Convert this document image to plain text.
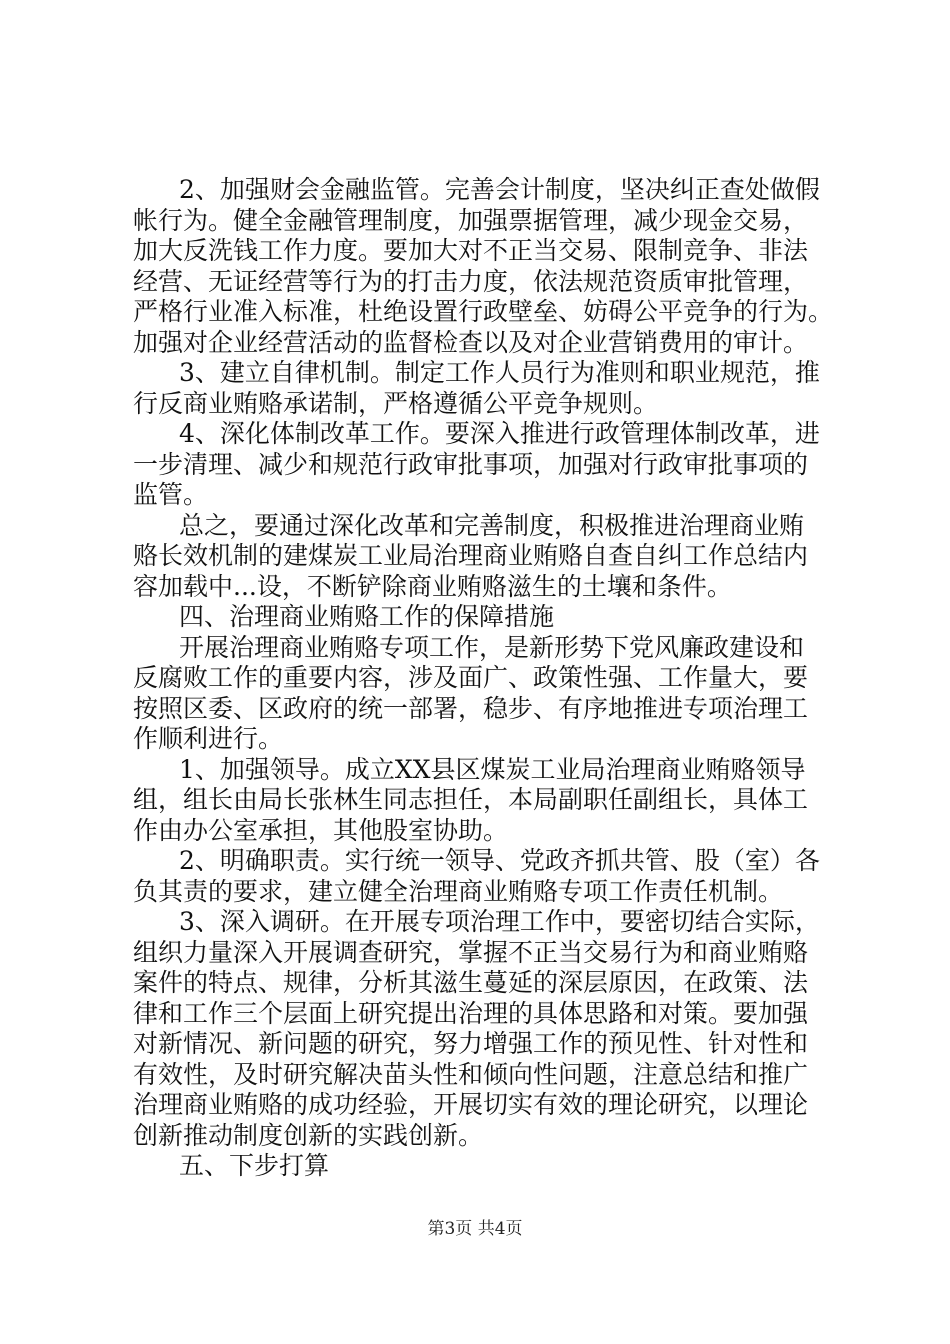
2、加强财会金融监管。完善会计制度，坚决纠正查处做假
帐行为。健全金融管理制度，加强票据管理，减少现金交易，
加大反洗钱工作力度。要加大对不正当交易、限制竞争、非法
经营、无证经营等行为的打击力度，依法规范资质审批管理，
严格行业准入标准，杜绝设置行政壁垒、妨碍公平竞争的行为。
加强对企业经营活动的监督检查以及对企业营销费用的审计。
3、建立自律机制。制定工作人员行为准则和职业规范，推
行反商业贿赂承诺制，严格遵循公平竞争规则。
4、深化体制改革工作。要深入推进行政管理体制改革，进
一步清理、减少和规范行政审批事项，加强对行政审批事项的
监管。
总之，要通过深化改革和完善制度，积极推进治理商业贿
赂长效机制的建煤炭工业局治理商业贿赂自查自纠工作总结内
容加载中...设，不断铲除商业贿赂滋生的土壤和条件。
四、治理商业贿赂工作的保障措施
开展治理商业贿赂专项工作，是新形势下党风廉政建设和
反腐败工作的重要内容，涉及面广、政策性强、工作量大，要
按照区委、区政府的统一部署，稳步、有序地推进专项治理工
作顺利进行。
1、加强领导。成立XX县区煤炭工业局治理商业贿赂领导
组，组长由局长张林生同志担任，本局副职任副组长，具体工
作由办公室承担，其他股室协助。
2、明确职责。实行统一领导、党政齐抓共管、股（室）各
负其责的要求，建立健全治理商业贿赂专项工作责任机制。
3、深入调研。在开展专项治理工作中，要密切结合实际，
组织力量深入开展调查研究，掌握不正当交易行为和商业贿赂
案件的特点、规律，分析其滋生蔓延的深层原因，在政策、法
律和工作三个层面上研究提出治理的具体思路和对策。要加强
对新情况、新问题的研究，努力增强工作的预见性、针对性和
有效性，及时研究解决苗头性和倾向性问题，注意总结和推广
治理商业贿赂的成功经验，开展切实有效的理论研究，以理论
创新推动制度创新的实践创新。
五、下步打算
第3页 共4页
